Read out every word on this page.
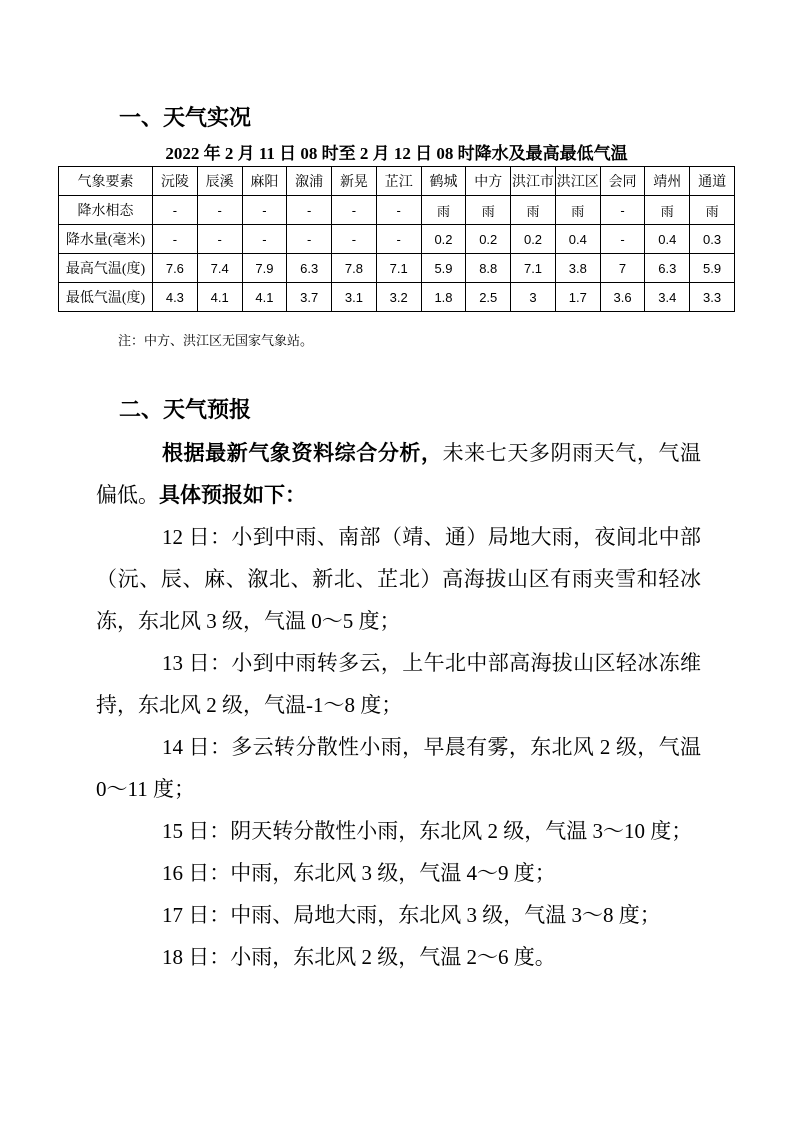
一、天气实况
2022 年 2 月 11 日 08 时至 2 月 12 日 08 时降水及最高最低气温
气象要素	沅陵	辰溪	麻阳	溆浦	新晃	芷江	鹤城	中方	洪江市	洪江区	会同	靖州	通道
降水相态	-	-	-	-	-	-	雨	雨	雨	雨	-	雨	雨
降水量(毫米)	-	-	-	-	-	-	0.2	0.2	0.2	0.4	-	0.4	0.3
最高气温(度)	7.6	7.4	7.9	6.3	7.8	7.1	5.9	8.8	7.1	3.8	7	6.3	5.9
最低气温(度)	4.3	4.1	4.1	3.7	3.1	3.2	1.8	2.5	3	1.7	3.6	3.4	3.3
注：中方、洪江区无国家气象站。
二、天气预报

根据最新气象资料综合分析，未来七天多阴雨天气，气温偏低。具体预报如下：

12 日：小到中雨、南部（靖、通）局地大雨，夜间北中部（沅、辰、麻、溆北、新北、芷北）高海拔山区有雨夹雪和轻冰冻，东北风 3 级，气温 0～5 度；

13 日：小到中雨转多云，上午北中部高海拔山区轻冰冻维持，东北风 2 级，气温-1～8 度；

14 日：多云转分散性小雨，早晨有雾，东北风 2 级，气温 0～11 度；

15 日：阴天转分散性小雨，东北风 2 级，气温 3～10 度；

16 日：中雨，东北风 3 级，气温 4～9 度；

17 日：中雨、局地大雨，东北风 3 级，气温 3～8 度；

18 日：小雨，东北风 2 级，气温 2～6 度。
